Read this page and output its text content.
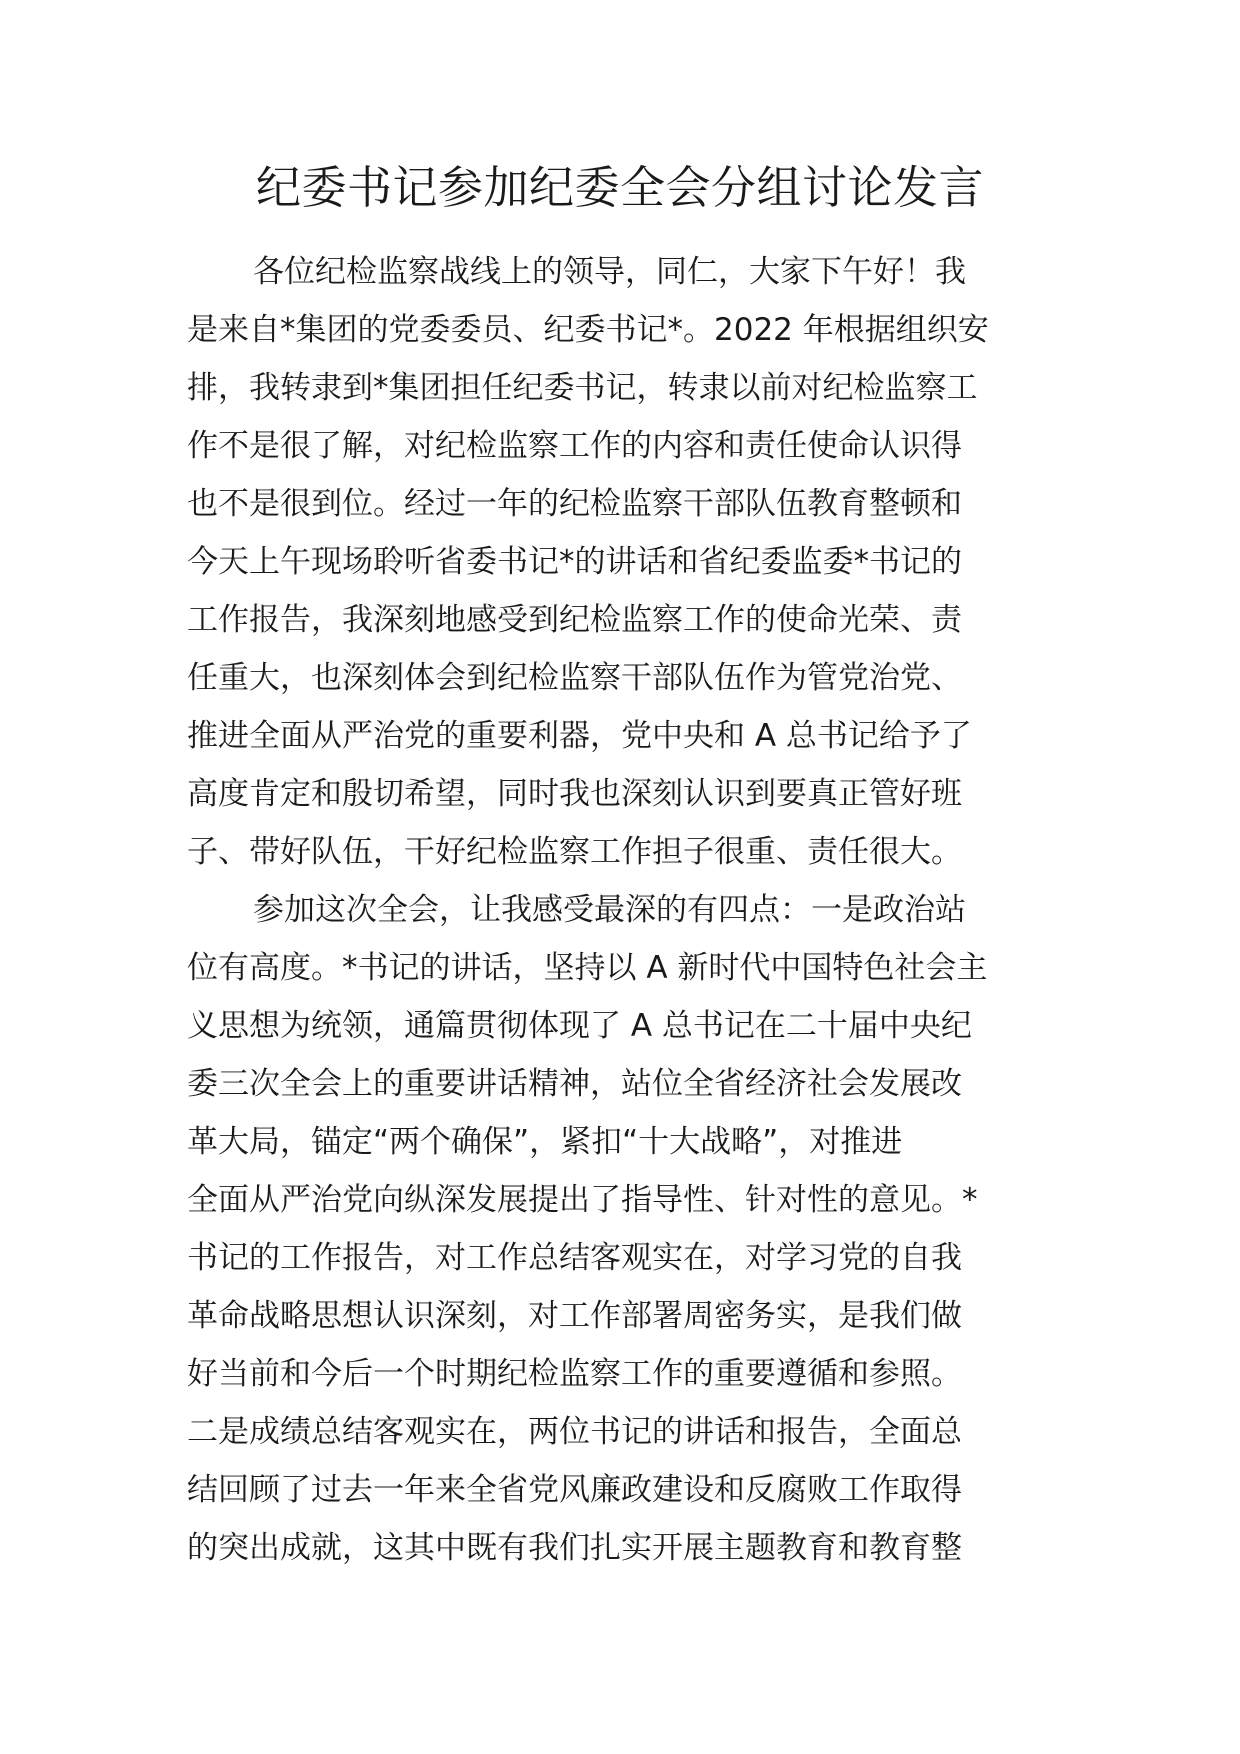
纪委书记参加纪委全会分组讨论发言
各位纪检监察战线上的领导，同仁，大家下午好！我
是来自*集团的党委委员、纪委书记*。2022 年根据组织安
排，我转隶到*集团担任纪委书记，转隶以前对纪检监察工
作不是很了解，对纪检监察工作的内容和责任使命认识得
也不是很到位。经过一年的纪检监察干部队伍教育整顿和
今天上午现场聆听省委书记*的讲话和省纪委监委*书记的
工作报告，我深刻地感受到纪检监察工作的使命光荣、责
任重大，也深刻体会到纪检监察干部队伍作为管党治党、
推进全面从严治党的重要利器，党中央和 A 总书记给予了
高度肯定和殷切希望，同时我也深刻认识到要真正管好班
子、带好队伍，干好纪检监察工作担子很重、责任很大。
参加这次全会，让我感受最深的有四点：一是政治站
位有高度。*书记的讲话，坚持以 A 新时代中国特色社会主
义思想为统领，通篇贯彻体现了 A 总书记在二十届中央纪
委三次全会上的重要讲话精神，站位全省经济社会发展改
革大局，锚定“两个确保”，紧扣“十大战略”，对推进
全面从严治党向纵深发展提出了指导性、针对性的意见。*
书记的工作报告，对工作总结客观实在，对学习党的自我
革命战略思想认识深刻，对工作部署周密务实，是我们做
好当前和今后一个时期纪检监察工作的重要遵循和参照。
二是成绩总结客观实在，两位书记的讲话和报告，全面总
结回顾了过去一年来全省党风廉政建设和反腐败工作取得
的突出成就，这其中既有我们扎实开展主题教育和教育整
